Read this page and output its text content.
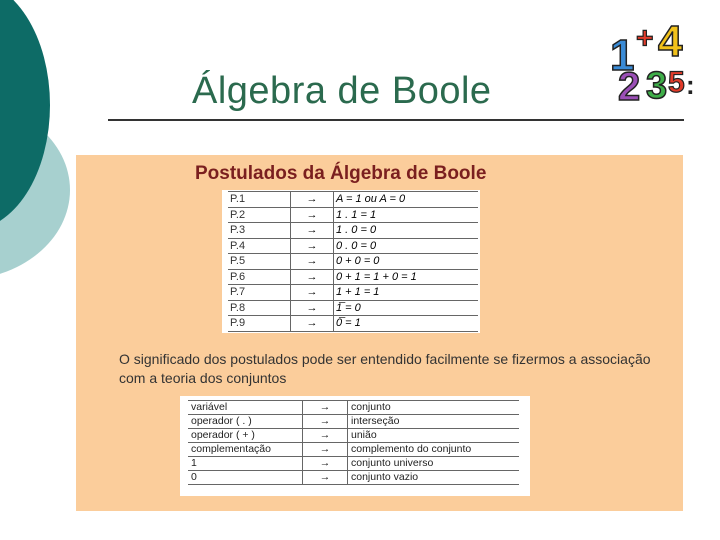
Álgebra de Boole
1 + 4
2 3 5 :
Postulados da Álgebra de Boole
P.1	→	A = 1 ou A = 0
P.2	→	1 . 1 = 1
P.3	→	1 . 0 = 0
P.4	→	0 . 0 = 0
P.5	→	0 + 0 = 0
P.6	→	0 + 1 = 1 + 0 = 1
P.7	→	1 + 1 = 1
P.8	→	1̅ = 0
P.9	→	0̅ = 1
O significado dos postulados pode ser entendido facilmente se fizermos a associação com a teoria dos conjuntos
variável	→	conjunto
operador ( . )	→	interseção
operador ( + )	→	união
complementação	→	complemento do conjunto
1	→	conjunto universo
0	→	conjunto vazio
